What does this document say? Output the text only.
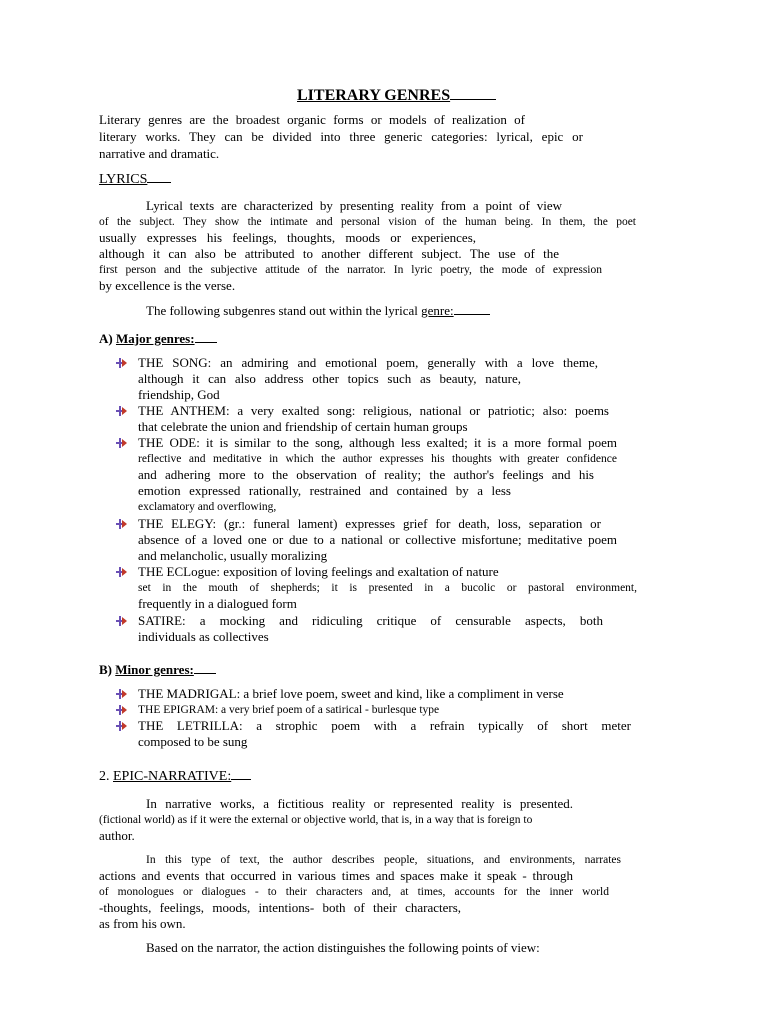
LITERARY GENRES
Literary genres are the broadest organic forms or models of realization of
literary works. They can be divided into three generic categories: lyrical, epic or
narrative and dramatic.
LYRICS
Lyrical texts are characterized by presenting reality from a point of view
of the subject. They show the intimate and personal vision of the human being. In them, the poet
usually expresses his feelings, thoughts, moods or experiences,
although it can also be attributed to another different subject. The use of the
first person and the subjective attitude of the narrator. In lyric poetry, the mode of expression
by excellence is the verse.
The following subgenres stand out within the lyrical genre:
A) Major genres:
THE SONG: an admiring and emotional poem, generally with a love theme,
although it can also address other topics such as beauty, nature,
friendship, God
THE ANTHEM: a very exalted song: religious, national or patriotic; also: poems
that celebrate the union and friendship of certain human groups
THE ODE: it is similar to the song, although less exalted; it is a more formal poem
reflective and meditative in which the author expresses his thoughts with greater confidence
and adhering more to the observation of reality; the author's feelings and his
emotion expressed rationally, restrained and contained by a less
exclamatory and overflowing,
THE ELEGY: (gr.: funeral lament) expresses grief for death, loss, separation or
absence of a loved one or due to a national or collective misfortune; meditative poem
and melancholic, usually moralizing
THE ECLogue: exposition of loving feelings and exaltation of nature
set in the mouth of shepherds; it is presented in a bucolic or pastoral environment,
frequently in a dialogued form
SATIRE: a mocking and ridiculing critique of censurable aspects, both
individuals as collectives
B) Minor genres:
THE MADRIGAL: a brief love poem, sweet and kind, like a compliment in verse
THE EPIGRAM: a very brief poem of a satirical - burlesque type
THE LETRILLA: a strophic poem with a refrain typically of short meter
composed to be sung
2. EPIC-NARRATIVE:
In narrative works, a fictitious reality or represented reality is presented.
(fictional world) as if it were the external or objective world, that is, in a way that is foreign to
author.
In this type of text, the author describes people, situations, and environments, narrates
actions and events that occurred in various times and spaces make it speak - through
of monologues or dialogues - to their characters and, at times, accounts for the inner world
-thoughts, feelings, moods, intentions- both of their characters,
as from his own.
Based on the narrator, the action distinguishes the following points of view:
